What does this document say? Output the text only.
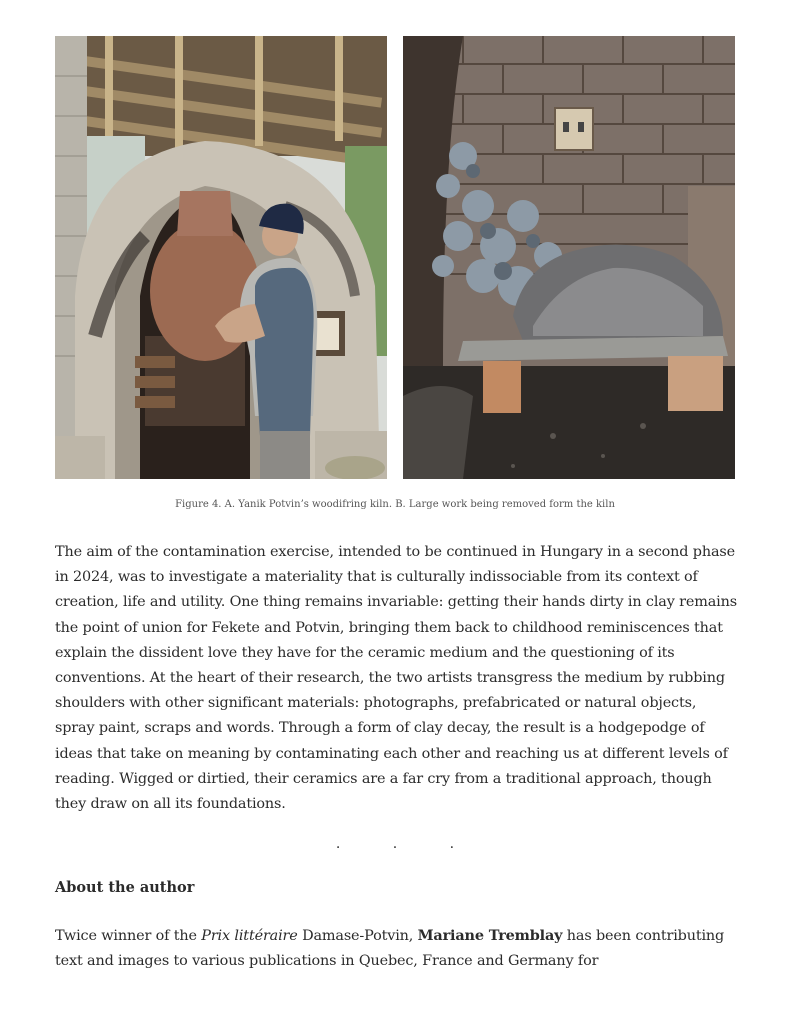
Figure 4. A. Yanik Potvin’s woodifring kiln. B. Large work being removed form the kiln

The aim of the contamination exercise, intended to be continued in Hungary in a second phase in 2024, was to investigate a materiality that is culturally indissociable from its context of creation, life and utility. One thing remains invariable: getting their hands dirty in clay remains the point of union for Fekete and Potvin, bringing them back to childhood reminiscences that explain the dissident love they have for the ceramic medium and the questioning of its conventions. At the heart of their research, the two artists transgress the medium by rubbing shoulders with other significant materials: photographs, prefabricated or natural objects, spray paint, scraps and words. Through a form of clay decay, the result is a hodgepodge of ideas that take on meaning by contaminating each other and reaching us at different levels of reading. Wigged or dirtied, their ceramics are a far cry from a traditional approach, though they draw on all its foundations.

.	.	.
About the author

Twice winner of the Prix littéraire Damase-Potvin, Mariane Tremblay has been contributing text and images to various publications in Quebec, France and Germany for
